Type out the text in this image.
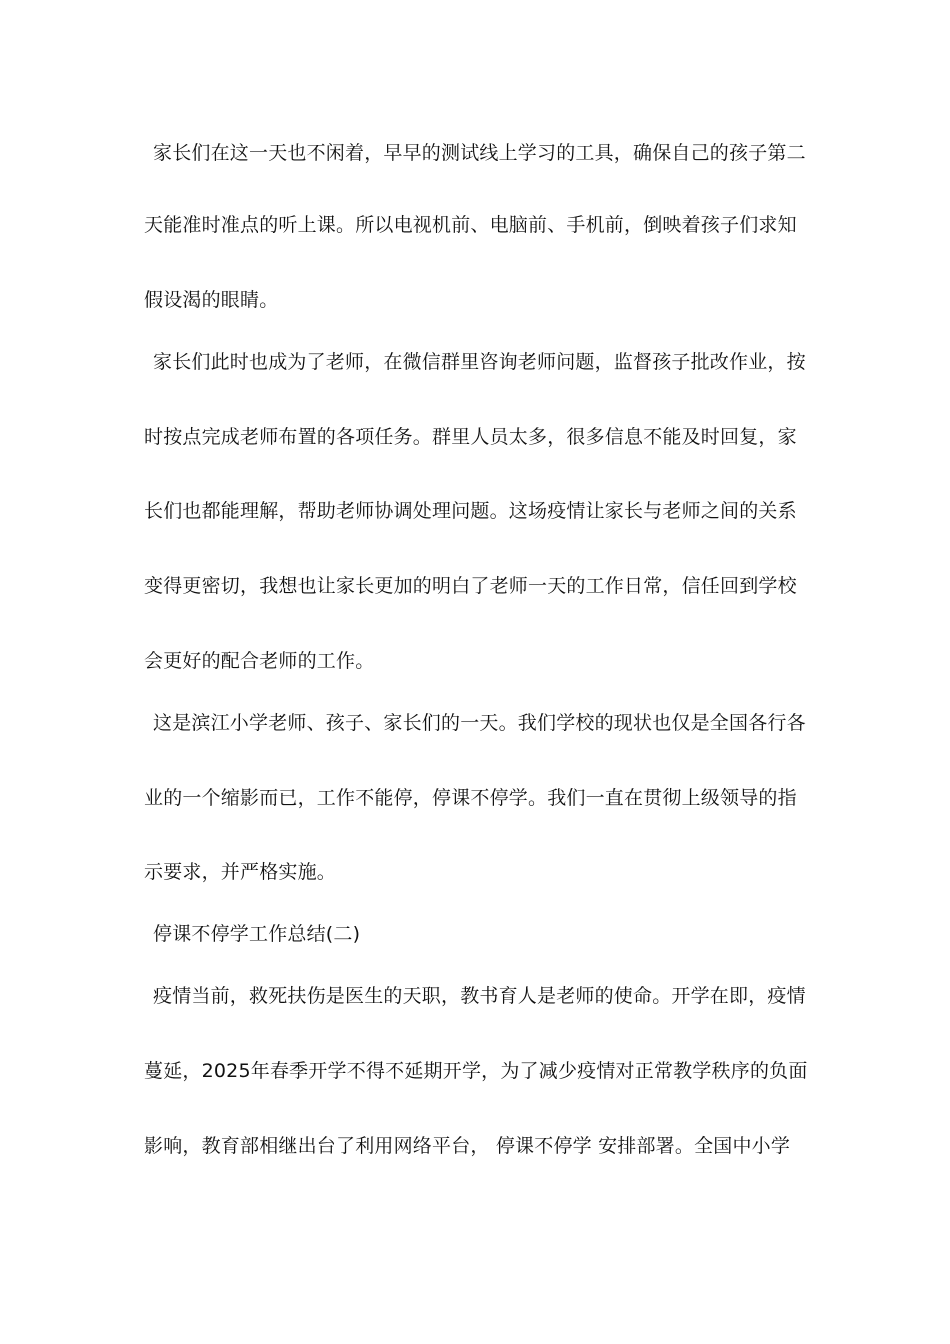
家长们在这一天也不闲着，早早的测试线上学习的工具，确保自己的孩子第二
天能准时准点的听上课。所以电视机前、电脑前、手机前，倒映着孩子们求知
假设渴的眼睛。
家长们此时也成为了老师，在微信群里咨询老师问题，监督孩子批改作业，按
时按点完成老师布置的各项任务。群里人员太多，很多信息不能及时回复，家
长们也都能理解，帮助老师协调处理问题。这场疫情让家长与老师之间的关系
变得更密切，我想也让家长更加的明白了老师一天的工作日常，信任回到学校
会更好的配合老师的工作。
这是滨江小学老师、孩子、家长们的一天。我们学校的现状也仅是全国各行各
业的一个缩影而已，工作不能停，停课不停学。我们一直在贯彻上级领导的指
示要求，并严格实施。
停课不停学工作总结(二)
疫情当前，救死扶伤是医生的天职，教书育人是老师的使命。开学在即，疫情
蔓延，2025年春季开学不得不延期开学，为了减少疫情对正常教学秩序的负面
影响，教育部相继出台了利用网络平台， 停课不停学 安排部署。全国中小学
